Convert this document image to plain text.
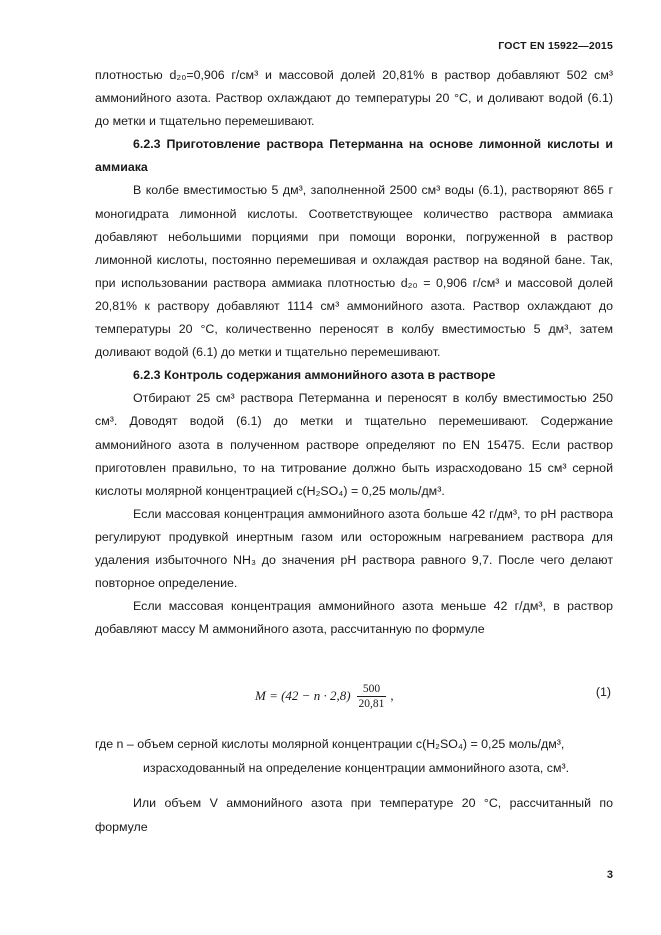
ГОСТ EN 15922—2015

плотностью d₂₀=0,906 г/см³ и массовой долей 20,81% в раствор добавляют 502 см³ аммонийного азота. Раствор охлаждают до температуры 20 °С, и доливают водой (6.1) до метки и тщательно перемешивают.

6.2.3 Приготовление раствора Петерманна на основе лимонной кислоты и аммиака

В колбе вместимостью 5 дм³, заполненной 2500 см³ воды (6.1), растворяют 865 г моногидрата лимонной кислоты. Соответствующее количество раствора аммиака добавляют небольшими порциями при помощи воронки, погруженной в раствор лимонной кислоты, постоянно перемешивая и охлаждая раствор на водяной бане. Так, при использовании раствора аммиака плотностью d₂₀ = 0,906 г/см³ и массовой долей 20,81% к раствору добавляют 1114 см³ аммонийного азота. Раствор охлаждают до температуры 20 °С, количественно переносят в колбу вместимостью 5 дм³, затем доливают водой (6.1) до метки и тщательно перемешивают.

6.2.3 Контроль содержания аммонийного азота в растворе

Отбирают 25 см³ раствора Петерманна и переносят в колбу вместимостью 250 см³. Доводят водой (6.1) до метки и тщательно перемешивают. Содержание аммонийного азота в полученном растворе определяют по EN 15475. Если раствор приготовлен правильно, то на титрование должно быть израсходовано 15 см³ серной кислоты молярной концентрацией c(H₂SO₄) = 0,25 моль/дм³.

Если массовая концентрация аммонийного азота больше 42 г/дм³, то pH раствора регулируют продувкой инертным газом или осторожным нагреванием раствора для удаления избыточного NH₃ до значения pH раствора равного 9,7. После чего делают повторное определение.

Если массовая концентрация аммонийного азота меньше 42 г/дм³, в раствор добавляют массу M аммонийного азота, рассчитанную по формуле

$M = (42 - n \cdot 2,8) \frac{500}{20,81}$ ,	(1)
где n – объем серной кислоты молярной концентрации c(H₂SO₄) = 0,25 моль/дм³,
израсходованный на определение концентрации аммонийного азота, см³.

Или объем V аммонийного азота при температуре 20 °С, рассчитанный по формуле

3
